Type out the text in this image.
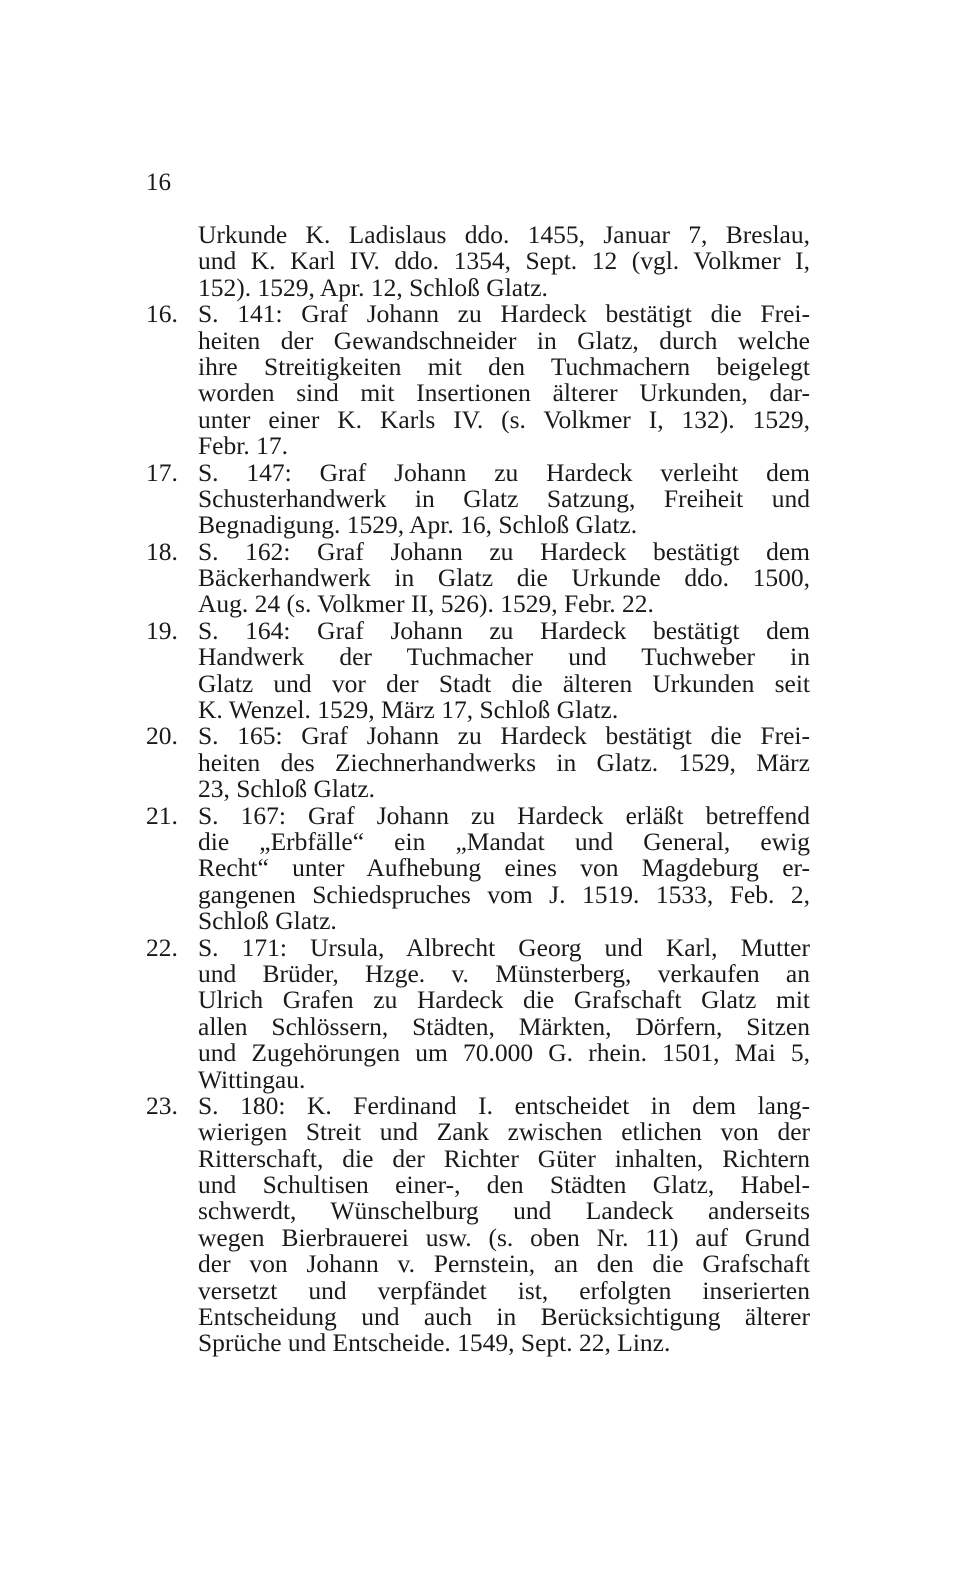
16
Urkunde K. Ladislaus ddo. 1455, Januar 7, Breslau,
und K. Karl IV. ddo. 1354, Sept. 12 (vgl. Volkmer I,
152). 1529, Apr. 12, Schloß Glatz.
16. S. 141: Graf Johann zu Hardeck bestätigt die Frei-
heiten der Gewandschneider in Glatz, durch welche
ihre Streitigkeiten mit den Tuchmachern beigelegt
worden sind mit Insertionen älterer Urkunden, dar-
unter einer K. Karls IV. (s. Volkmer I, 132). 1529,
Febr. 17.
17. S. 147: Graf Johann zu Hardeck verleiht dem
Schusterhandwerk in Glatz Satzung, Freiheit und
Begnadigung. 1529, Apr. 16, Schloß Glatz.
18. S. 162: Graf Johann zu Hardeck bestätigt dem
Bäckerhandwerk in Glatz die Urkunde ddo. 1500,
Aug. 24 (s. Volkmer II, 526). 1529, Febr. 22.
19. S. 164: Graf Johann zu Hardeck bestätigt dem
Handwerk der Tuchmacher und Tuchweber in
Glatz und vor der Stadt die älteren Urkunden seit
K. Wenzel. 1529, März 17, Schloß Glatz.
20. S. 165: Graf Johann zu Hardeck bestätigt die Frei-
heiten des Ziechnerhandwerks in Glatz. 1529, März
23, Schloß Glatz.
21. S. 167: Graf Johann zu Hardeck erläßt betreffend
die „Erbfälle“ ein „Mandat und General, ewig
Recht“ unter Aufhebung eines von Magdeburg er-
gangenen Schiedspruches vom J. 1519. 1533, Feb. 2,
Schloß Glatz.
22. S. 171: Ursula, Albrecht Georg und Karl, Mutter
und Brüder, Hzge. v. Münsterberg, verkaufen an
Ulrich Grafen zu Hardeck die Grafschaft Glatz mit
allen Schlössern, Städten, Märkten, Dörfern, Sitzen
und Zugehörungen um 70.000 G. rhein. 1501, Mai 5,
Wittingau.
23. S. 180: K. Ferdinand I. entscheidet in dem lang-
wierigen Streit und Zank zwischen etlichen von der
Ritterschaft, die der Richter Güter inhalten, Richtern
und Schultisen einer-, den Städten Glatz, Habel-
schwerdt, Wünschelburg und Landeck anderseits
wegen Bierbrauerei usw. (s. oben Nr. 11) auf Grund
der von Johann v. Pernstein, an den die Grafschaft
versetzt und verpfändet ist, erfolgten inserierten
Entscheidung und auch in Berücksichtigung älterer
Sprüche und Entscheide. 1549, Sept. 22, Linz.
